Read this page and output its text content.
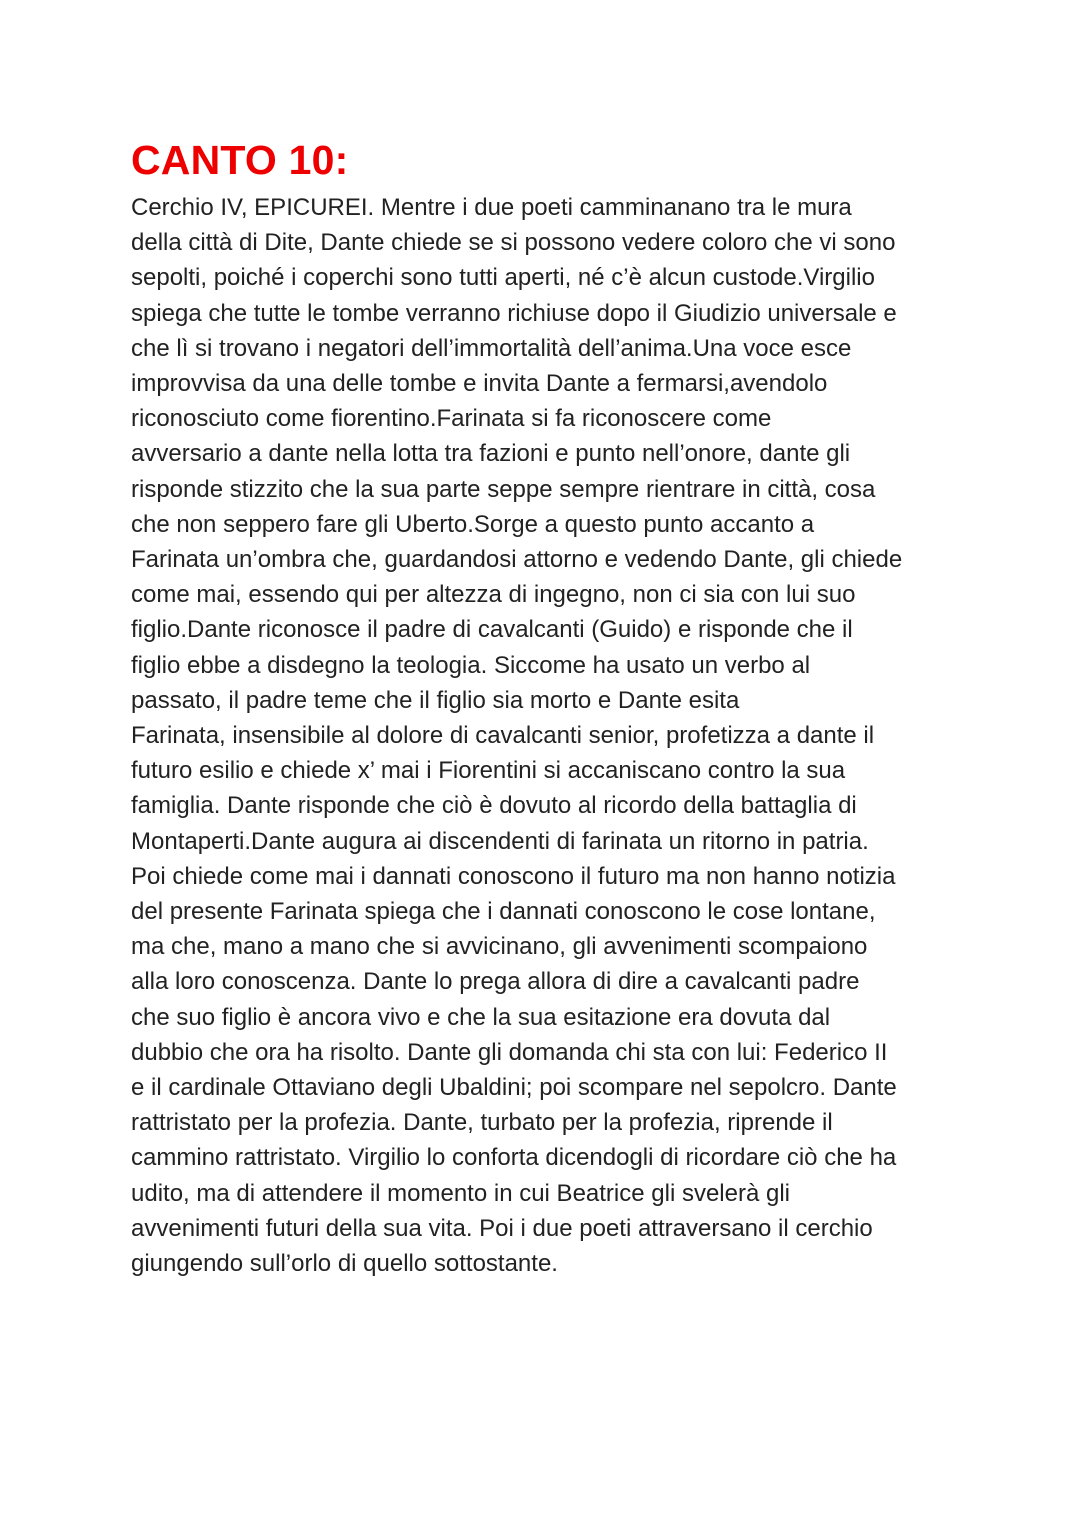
CANTO 10:
Cerchio IV, EPICUREI. Mentre i due poeti camminanano tra le mura
della città di Dite, Dante chiede se si possono vedere coloro che vi sono
sepolti, poiché i coperchi sono tutti aperti, né c’è alcun custode.Virgilio
spiega che tutte le tombe verranno richiuse dopo il Giudizio universale e
che lì si trovano i negatori dell’immortalità dell’anima.Una voce esce
improvvisa da una delle tombe e invita Dante a fermarsi,avendolo
riconosciuto come fiorentino.Farinata si fa riconoscere come
avversario a dante nella lotta tra fazioni e punto nell’onore, dante gli
risponde stizzito che la sua parte seppe sempre rientrare in città, cosa
che non seppero fare gli Uberto.Sorge a questo punto accanto a
Farinata un’ombra che, guardandosi attorno e vedendo Dante, gli chiede
come mai, essendo qui per altezza di ingegno, non ci sia con lui suo
figlio.Dante riconosce il padre di cavalcanti (Guido) e risponde che il
figlio ebbe a disdegno la teologia. Siccome ha usato un verbo al
passato, il padre teme che il figlio sia morto e Dante esita
Farinata, insensibile al dolore di cavalcanti senior, profetizza a dante il
futuro esilio e chiede x’ mai i Fiorentini si accaniscano contro la sua
famiglia. Dante risponde che ciò è dovuto al ricordo della battaglia di
Montaperti.Dante augura ai discendenti di farinata un ritorno in patria.
Poi chiede come mai i dannati conoscono il futuro ma non hanno notizia
del presente Farinata spiega che i dannati conoscono le cose lontane,
ma che, mano a mano che si avvicinano, gli avvenimenti scompaiono
alla loro conoscenza. Dante lo prega allora di dire a cavalcanti padre
che suo figlio è ancora vivo e che la sua esitazione era dovuta dal
dubbio che ora ha risolto. Dante gli domanda chi sta con lui: Federico II
e il cardinale Ottaviano degli Ubaldini; poi scompare nel sepolcro. Dante
rattristato per la profezia. Dante, turbato per la profezia, riprende il
cammino rattristato. Virgilio lo conforta dicendogli di ricordare ciò che ha
udito, ma di attendere il momento in cui Beatrice gli svelerà gli
avvenimenti futuri della sua vita. Poi i due poeti attraversano il cerchio
giungendo sull’orlo di quello sottostante.
